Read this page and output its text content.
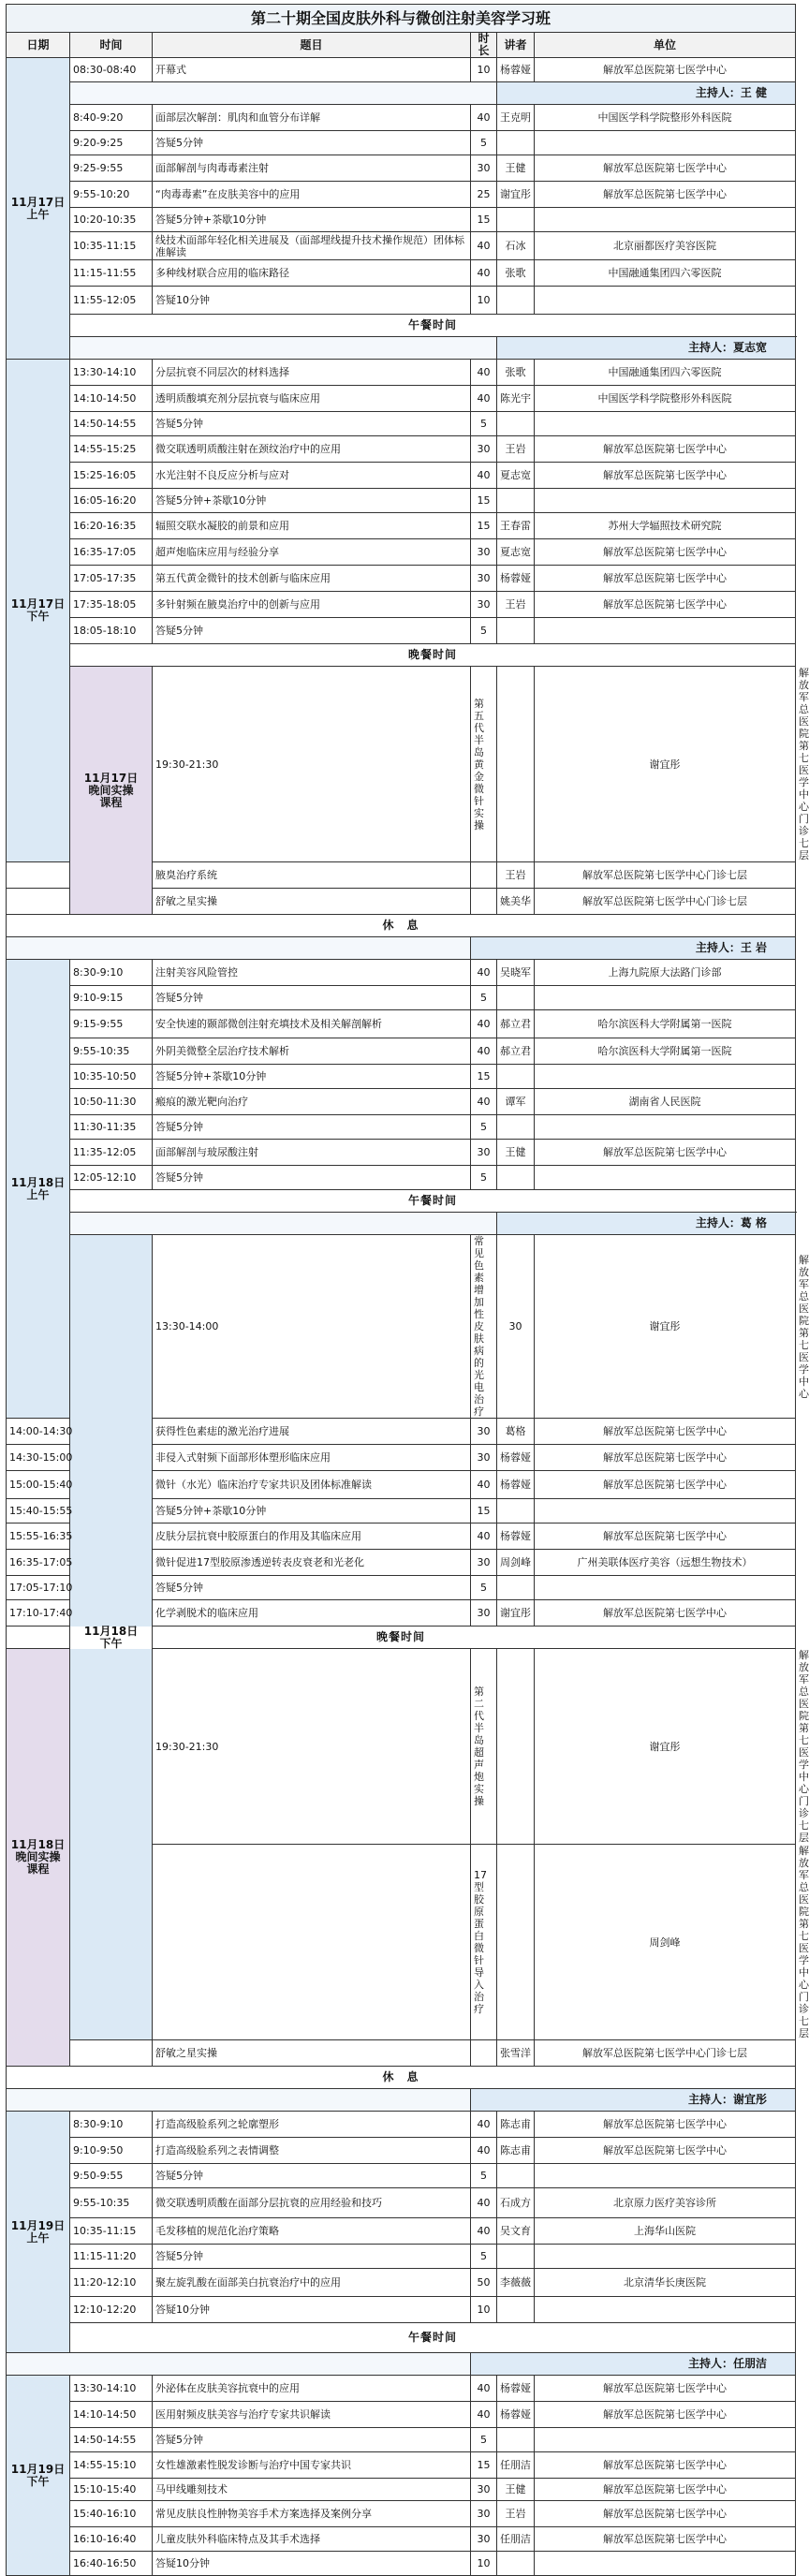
第二十期全国皮肤外科与微创注射美容学习班						
日期	时间	题目	时长	讲者	单位	
11月17日
上午	08:30-08:40	开幕式	10	杨蓉娅	解放军总医院第七医学中心	
				主持人：王 健		
	8:40-9:20	面部层次解剖：肌肉和血管分布详解	40	王克明	中国医学科学院整形外科医院	
	9:20-9:25	答疑5分钟	5			
	9:25-9:55	面部解剖与肉毒毒素注射	30	王健	解放军总医院第七医学中心	
	9:55-10:20	“肉毒毒素”在皮肤美容中的应用	25	谢宜彤	解放军总医院第七医学中心	
	10:20-10:35	答疑5分钟+茶歇10分钟	15			
	10:35-11:15	线技术面部年轻化相关进展及（面部埋线提升技术操作规范）团体标准解读	40	石冰	北京丽都医疗美容医院	
	11:15-11:55	多种线材联合应用的临床路径	40	张歌	中国融通集团四六零医院	
	11:55-12:05	答疑10分钟	10			
	午餐时间					
				主持人：夏志宽		
11月17日
下午	13:30-14:10	分层抗衰不同层次的材料选择	40	张歌	中国融通集团四六零医院	
	14:10-14:50	透明质酸填充剂分层抗衰与临床应用	40	陈光宇	中国医学科学院整形外科医院	
	14:50-14:55	答疑5分钟	5			
	14:55-15:25	微交联透明质酸注射在颈纹治疗中的应用	30	王岩	解放军总医院第七医学中心	
	15:25-16:05	水光注射不良反应分析与应对	40	夏志宽	解放军总医院第七医学中心	
	16:05-16:20	答疑5分钟+茶歇10分钟	15			
	16:20-16:35	辐照交联水凝胶的前景和应用	15	王春雷	苏州大学辐照技术研究院	
	16:35-17:05	超声炮临床应用与经验分享	30	夏志宽	解放军总医院第七医学中心	
	17:05-17:35	第五代黄金微针的技术创新与临床应用	30	杨蓉娅	解放军总医院第七医学中心	
	17:35-18:05	多针射频在腋臭治疗中的创新与应用	30	王岩	解放军总医院第七医学中心	
	18:05-18:10	答疑5分钟	5			
	晚餐时间					
	11月17日
晚间实操
课程	19:30-21:30	第五代半岛黄金微针实操		谢宜彤	解放军总医院第七医学中心门诊七层
		腋臭治疗系统		王岩	解放军总医院第七医学中心门诊七层	
		舒敏之星实操		姚美华	解放军总医院第七医学中心门诊七层	
休　息						
			主持人：王 岩			
11月18日
上午	8:30-9:10	注射美容风险管控	40	吴晓军	上海九院原大法路门诊部	
	9:10-9:15	答疑5分钟	5			
	9:15-9:55	安全快速的颞部微创注射充填技术及相关解剖解析	40	郝立君	哈尔滨医科大学附属第一医院	
	9:55-10:35	外阴美微整全层治疗技术解析	40	郝立君	哈尔滨医科大学附属第一医院	
	10:35-10:50	答疑5分钟+茶歇10分钟	15			
	10:50-11:30	瘢痕的激光靶向治疗	40	谭军	湖南省人民医院	
	11:30-11:35	答疑5分钟	5			
	11:35-12:05	面部解剖与玻尿酸注射	30	王健	解放军总医院第七医学中心	
	12:05-12:10	答疑5分钟	5			
	午餐时间					
				主持人：葛 格		
	11月18日
下午	13:30-14:00	常见色素增加性皮肤病的光电治疗	30	谢宜彤	解放军总医院第七医学中心
14:00-14:30		获得性色素痣的激光治疗进展	30	葛格	解放军总医院第七医学中心	
14:30-15:00		非侵入式射频下面部形体塑形临床应用	30	杨蓉娅	解放军总医院第七医学中心	
15:00-15:40		微针（水光）临床治疗专家共识及团体标准解读	40	杨蓉娅	解放军总医院第七医学中心	
15:40-15:55		答疑5分钟+茶歇10分钟	15			
15:55-16:35		皮肤分层抗衰中胶原蛋白的作用及其临床应用	40	杨蓉娅	解放军总医院第七医学中心	
16:35-17:05		微针促进17型胶原渗透逆转表皮衰老和光老化	30	周剑峰	广州美联体医疗美容（远想生物技术）	
17:05-17:10		答疑5分钟	5			
17:10-17:40		化学剥脱术的临床应用	30	谢宜彤	解放军总医院第七医学中心	
晚餐时间						
11月18日
晚间实操
课程		19:30-21:30	第二代半岛超声炮实操		谢宜彤	解放军总医院第七医学中心门诊七层
			17型胶原蛋白微针导入治疗		周剑峰	解放军总医院第七医学中心门诊七层
		舒敏之星实操		张雪洋	解放军总医院第七医学中心门诊七层	
休　息						
			主持人：谢宜彤			
11月19日
上午	8:30-9:10	打造高级脸系列之轮廓塑形	40	陈志甫	解放军总医院第七医学中心	
	9:10-9:50	打造高级脸系列之表情调整	40	陈志甫	解放军总医院第七医学中心	
	9:50-9:55	答疑5分钟	5			
	9:55-10:35	微交联透明质酸在面部分层抗衰的应用经验和技巧	40	石成方	北京原力医疗美容诊所	
	10:35-11:15	毛发移植的规范化治疗策略	40	吴文育	上海华山医院	
	11:15-11:20	答疑5分钟	5			
	11:20-12:10	聚左旋乳酸在面部美白抗衰治疗中的应用	50	李薇薇	北京清华长庚医院	
	12:10-12:20	答疑10分钟	10			
	午餐时间					
			主持人：任朋洁			
11月19日
下午	13:30-14:10	外泌体在皮肤美容抗衰中的应用	40	杨蓉娅	解放军总医院第七医学中心	
	14:10-14:50	医用射频皮肤美容与治疗专家共识解读	40	杨蓉娅	解放军总医院第七医学中心	
	14:50-14:55	答疑5分钟	5			
	14:55-15:10	女性雄激素性脱发诊断与治疗中国专家共识	15	任朋洁	解放军总医院第七医学中心	
	15:10-15:40	马甲线雕刻技术	30	王健	解放军总医院第七医学中心	
	15:40-16:10	常见皮肤良性肿物美容手术方案选择及案例分享	30	王岩	解放军总医院第七医学中心	
	16:10-16:40	儿童皮肤外科临床特点及其手术选择	30	任朋洁	解放军总医院第七医学中心	
	16:40-16:50	答疑10分钟	10			
